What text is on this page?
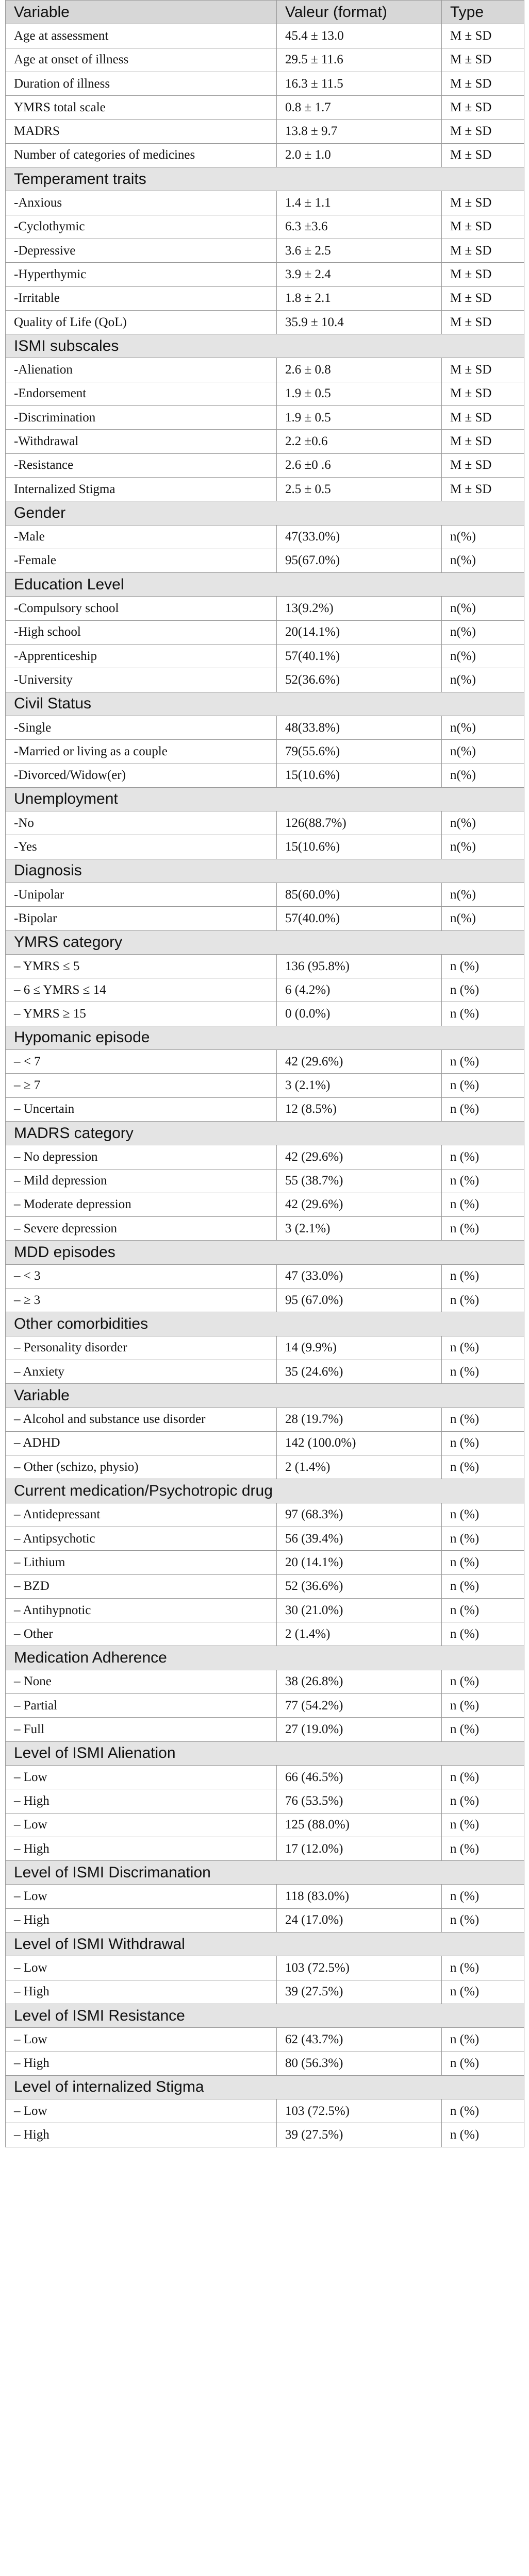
Variable	Valeur (format)	Type
Age at assessment	45.4 ± 13.0	M ± SD
Age at onset of illness	29.5 ± 11.6	M ± SD
Duration of illness	16.3 ± 11.5	M ± SD
YMRS total scale	0.8 ± 1.7	M ± SD
MADRS	13.8 ± 9.7	M ± SD
Number of categories of medicines	2.0 ± 1.0	M ± SD
Temperament traits		
-Anxious	1.4 ± 1.1	M ± SD
-Cyclothymic	6.3 ±3.6	M ± SD
-Depressive	3.6 ± 2.5	M ± SD
-Hyperthymic	3.9 ± 2.4	M ± SD
-Irritable	1.8 ± 2.1	M ± SD
Quality of Life (QoL)	35.9 ± 10.4	M ± SD
ISMI subscales		
-Alienation	2.6 ± 0.8	M ± SD
-Endorsement	1.9 ± 0.5	M ± SD
-Discrimination	1.9 ± 0.5	M ± SD
-Withdrawal	2.2 ±0.6	M ± SD
-Resistance	2.6 ±0 .6	M ± SD
Internalized Stigma	2.5 ± 0.5	M ± SD
Gender		
-Male	47(33.0%)	n(%)
-Female	95(67.0%)	n(%)
Education Level		
-Compulsory school	13(9.2%)	n(%)
-High school	20(14.1%)	n(%)
-Apprenticeship	57(40.1%)	n(%)
-University	52(36.6%)	n(%)
Civil Status		
-Single	48(33.8%)	n(%)
-Married or living as a couple	79(55.6%)	n(%)
-Divorced/Widow(er)	15(10.6%)	n(%)
Unemployment		
-No	126(88.7%)	n(%)
-Yes	15(10.6%)	n(%)
Diagnosis		
-Unipolar	85(60.0%)	n(%)
-Bipolar	57(40.0%)	n(%)
YMRS category		
– YMRS ≤ 5	136 (95.8%)	n (%)
– 6 ≤ YMRS ≤ 14	6 (4.2%)	n (%)
– YMRS ≥ 15	0 (0.0%)	n (%)
Hypomanic episode		
– < 7	42 (29.6%)	n (%)
– ≥ 7	3 (2.1%)	n (%)
– Uncertain	12 (8.5%)	n (%)
MADRS category		
– No depression	42 (29.6%)	n (%)
– Mild depression	55 (38.7%)	n (%)
– Moderate depression	42 (29.6%)	n (%)
– Severe depression	3 (2.1%)	n (%)
MDD episodes		
– < 3	47 (33.0%)	n (%)
– ≥ 3	95 (67.0%)	n (%)
Other comorbidities		
– Personality disorder	14 (9.9%)	n (%)
– Anxiety	35 (24.6%)	n (%)
Variable		
– Alcohol and substance use disorder	28 (19.7%)	n (%)
– ADHD	142 (100.0%)	n (%)
– Other (schizo, physio)	2 (1.4%)	n (%)
Current medication/Psychotropic drug		
– Antidepressant	97 (68.3%)	n (%)
– Antipsychotic	56 (39.4%)	n (%)
– Lithium	20 (14.1%)	n (%)
– BZD	52 (36.6%)	n (%)
– Antihypnotic	30 (21.0%)	n (%)
– Other	2 (1.4%)	n (%)
Medication Adherence		
– None	38 (26.8%)	n (%)
– Partial	77 (54.2%)	n (%)
– Full	27 (19.0%)	n (%)
Level of ISMI Alienation		
– Low	66 (46.5%)	n (%)
– High	76 (53.5%)	n (%)
– Low	125 (88.0%)	n (%)
– High	17 (12.0%)	n (%)
Level of ISMI Discrimanation		
– Low	118 (83.0%)	n (%)
– High	24 (17.0%)	n (%)
Level of ISMI Withdrawal		
– Low	103 (72.5%)	n (%)
– High	39 (27.5%)	n (%)
Level of ISMI Resistance		
– Low	62 (43.7%)	n (%)
– High	80 (56.3%)	n (%)
Level of internalized Stigma		
– Low	103 (72.5%)	n (%)
– High	39 (27.5%)	n (%)
